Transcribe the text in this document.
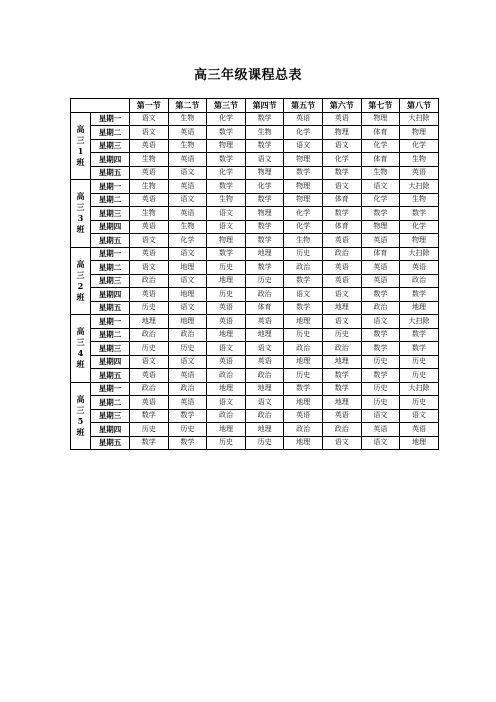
高三年级课程总表
		第一节	第二节	第三节	第四节	第五节	第六节	第七节	第八节
高
三
1
班	星期一	语文	生物	化学	数学	英语	英语	物理	大扫除
	星期二	语文	英语	数学	生物	化学	物理	体育	物理
	星期三	英语	生物	物理	数学	语文	语文	化学	化学
	星期四	生物	英语	数学	语文	物理	化学	体育	生物
	星期五	英语	语文	化学	物理	数学	数学	生物	英语
高
三
3
班	星期一	生物	英语	数学	化学	物理	语文	语文	大扫除
	星期二	英语	语文	生物	数学	物理	体育	化学	生物
	星期三	生物	英语	语文	物理	化学	数学	数学	数学
	星期四	英语	生物	语文	数学	化学	体育	物理	化学
	星期五	语文	化学	物理	数学	生物	英语	英语	物理
高
三
2
班	星期一	英语	语文	数学	地理	历史	政治	体育	大扫除
	星期二	语文	地理	历史	数学	政治	英语	英语	英语
	星期三	政治	语文	地理	历史	数学	英语	英语	政治
	星期四	英语	地理	历史	政治	语文	语文	数学	数学
	星期五	历史	语文	英语	体育	数学	地理	政治	地理
高
三
4
班	星期一	地理	地理	英语	英语	地理	语文	语文	大扫除
	星期二	政治	政治	地理	地理	历史	历史	数学	数学
	星期三	历史	历史	语文	语文	政治	政治	数学	数学
	星期四	语文	语文	英语	英语	地理	地理	历史	历史
	星期五	英语	英语	政治	政治	历史	数学	数学	历史
高
三
5
班	星期一	政治	政治	地理	地理	数学	数学	历史	大扫除
	星期二	英语	英语	语文	语文	地理	地理	历史	历史
	星期三	数学	数学	政治	政治	英语	英语	语文	语文
	星期四	历史	历史	地理	地理	政治	政治	英语	英语
	星期五	数学	数学	历史	历史	地理	语文	语文	地理
